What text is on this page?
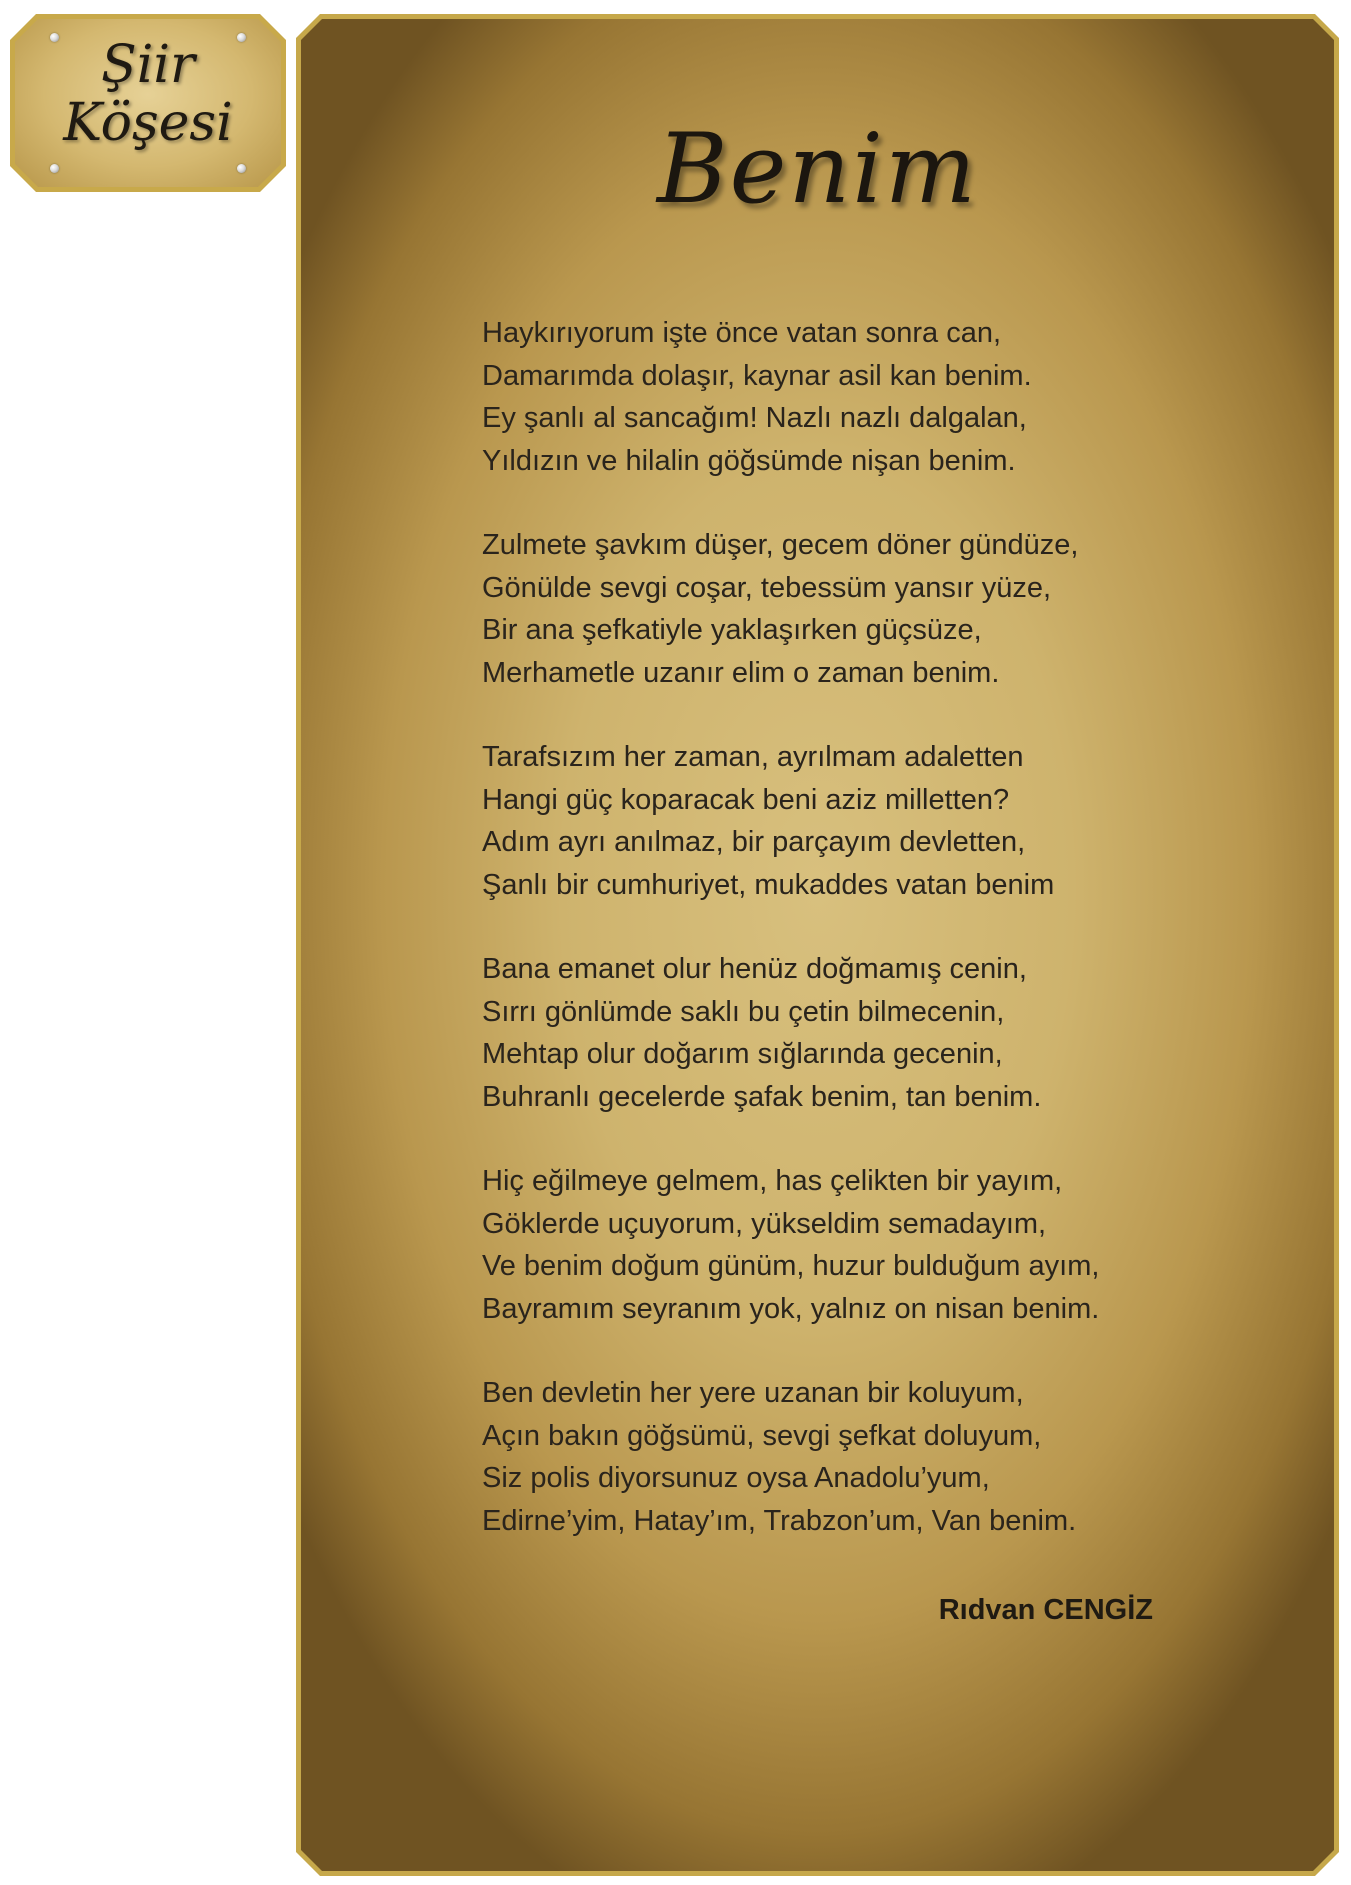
Şiir
Köşesi	Benim
Haykırıyorum işte önce vatan sonra can,
Damarımda dolaşır, kaynar asil kan benim.
Ey şanlı al sancağım! Nazlı nazlı dalgalan,
Yıldızın ve hilalin göğsümde nişan benim.
Zulmete şavkım düşer, gecem döner gündüze,
Gönülde sevgi coşar, tebessüm yansır yüze,
Bir ana şefkatiyle yaklaşırken güçsüze,
Merhametle uzanır elim o zaman benim.
Tarafsızım her zaman, ayrılmam adaletten
Hangi güç koparacak beni aziz milletten?
Adım ayrı anılmaz, bir parçayım devletten,
Şanlı bir cumhuriyet, mukaddes vatan benim
Bana emanet olur henüz doğmamış cenin,
Sırrı gönlümde saklı bu çetin bilmecenin,
Mehtap olur doğarım sığlarında gecenin,
Buhranlı gecelerde şafak benim, tan benim.
Hiç eğilmeye gelmem, has çelikten bir yayım,
Göklerde uçuyorum, yükseldim semadayım,
Ve benim doğum günüm, huzur bulduğum ayım,
Bayramım seyranım yok, yalnız on nisan benim.
Ben devletin her yere uzanan bir koluyum,
Açın bakın göğsümü, sevgi şefkat doluyum,
Siz polis diyorsunuz oysa Anadolu’yum,
Edirne’yim, Hatay’ım, Trabzon’um, Van benim.
Rıdvan CENGİZ
